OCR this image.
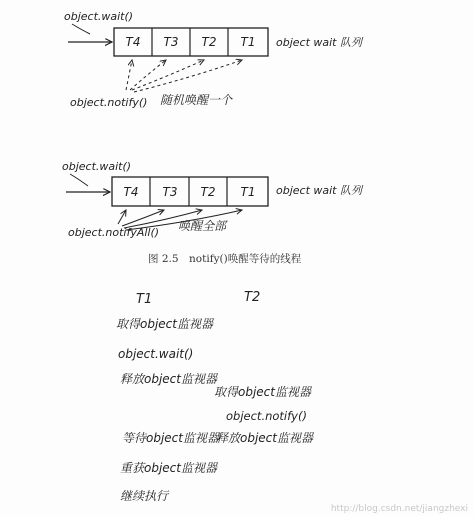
object.wait()
T4 T3 T2 T1 object wait 队列
object.notify() 随机唤醒一个
object.wait()
T4 T3 T2 T1 object wait 队列
object.notifyAll() 唤醒全部
图 2.5　notify()唤醒等待的线程
T1	T2
取得object监视器
object.wait()
释放object监视器
取得object监视器
object.notify()
等待object监视器
释放object监视器
重获object监视器
继续执行
http://blog.csdn.net/jiangzhexi
